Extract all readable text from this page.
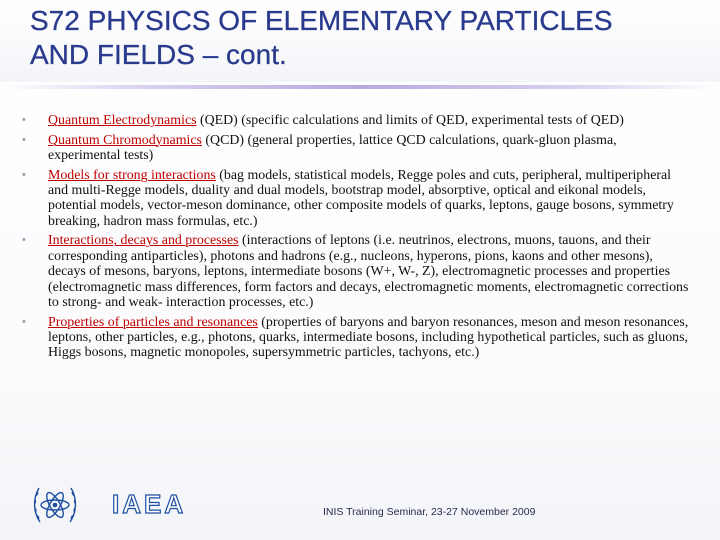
S72 PHYSICS OF ELEMENTARY PARTICLES
AND FIELDS – cont.
•	Quantum Electrodynamics (QED) (specific calculations and limits of QED, experimental tests of QED)
•	Quantum Chromodynamics (QCD) (general properties, lattice QCD calculations, quark-gluon plasma, experimental tests)
•	Models for strong interactions (bag models, statistical models, Regge poles and cuts, peripheral, multiperipheral and multi-Regge models, duality and dual models, bootstrap model, absorptive, optical and eikonal models, potential models, vector-meson dominance, other composite models of quarks, leptons, gauge bosons, symmetry breaking, hadron mass formulas, etc.)
•	Interactions, decays and processes (interactions of leptons (i.e. neutrinos, electrons, muons, tauons, and their corresponding antiparticles), photons and hadrons (e.g., nucleons, hyperons, pions, kaons and other mesons), decays of mesons, baryons, leptons, intermediate bosons (W+, W-, Z), electromagnetic processes and properties (electromagnetic mass differences, form factors and decays, electromagnetic moments, electromagnetic corrections to strong- and weak- interaction processes, etc.)
•	Properties of particles and resonances (properties of baryons and baryon resonances, meson and meson resonances, leptons, other particles, e.g., photons, quarks, intermediate bosons, including hypothetical particles, such as gluons, Higgs bosons, magnetic monopoles, supersymmetric particles, tachyons, etc.)
IAEA	INIS Training Seminar, 23-27 November 2009
